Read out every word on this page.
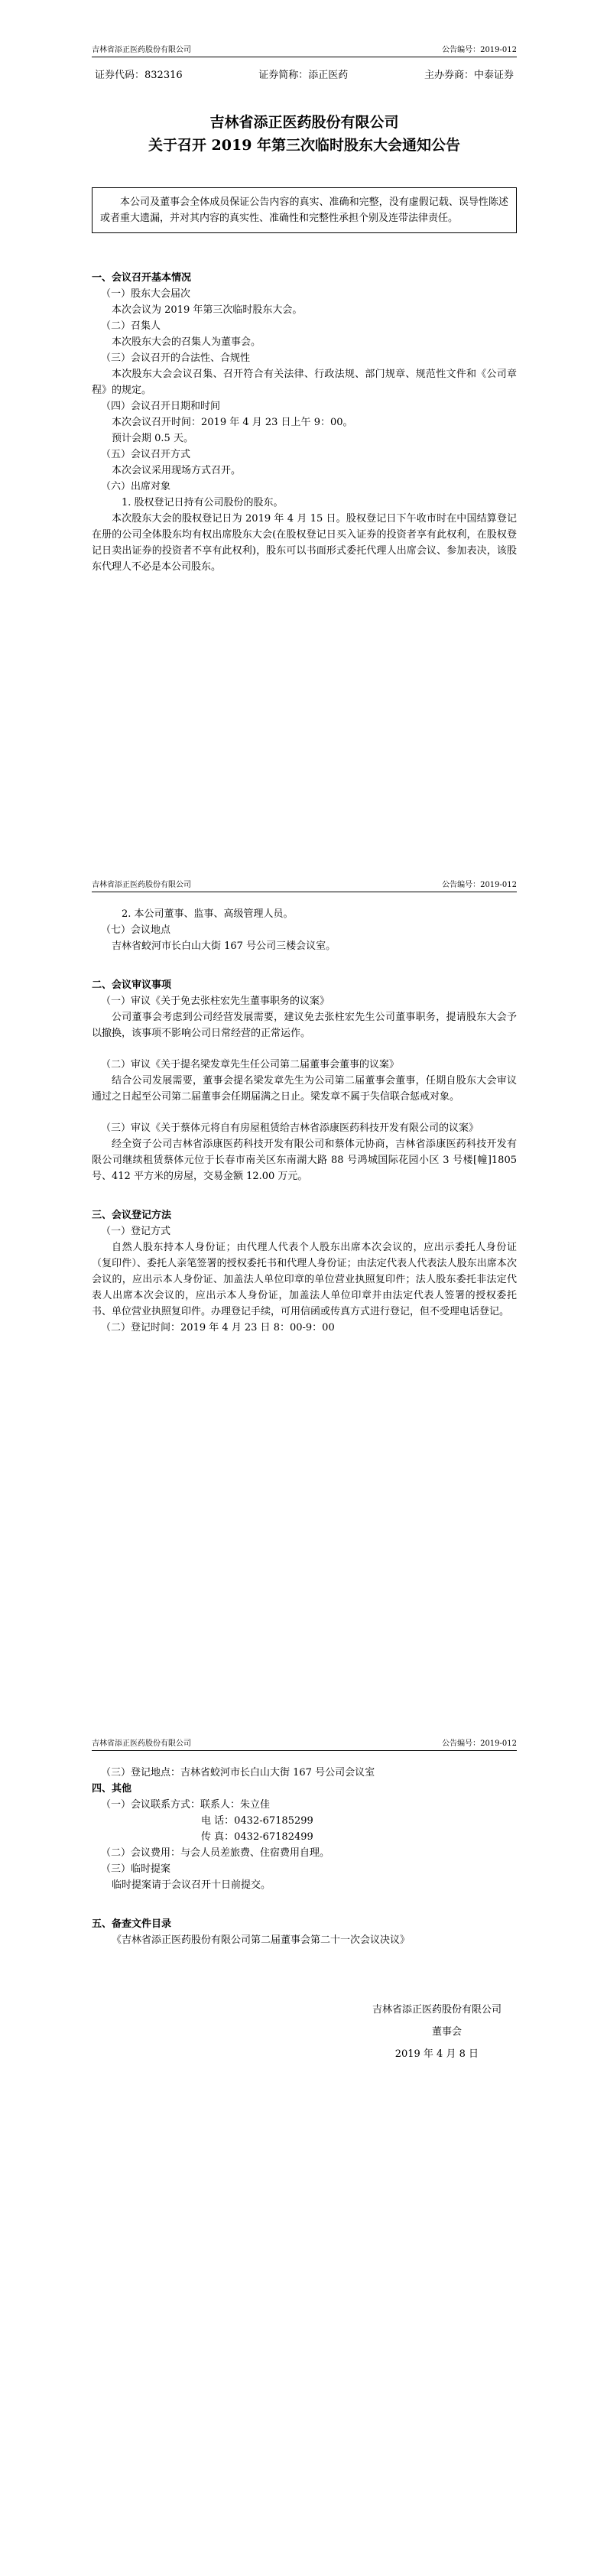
吉林省添正医药股份有限公司	公告编号：2019-012
证券代码：832316	证券简称：添正医药	主办券商：中泰证券
吉林省添正医药股份有限公司
关于召开 2019 年第三次临时股东大会通知公告
本公司及董事会全体成员保证公告内容的真实、准确和完整，没有虚假记载、误导性陈述或者重大遗漏，并对其内容的真实性、准确性和完整性承担个别及连带法律责任。
一、会议召开基本情况
（一）股东大会届次
本次会议为 2019 年第三次临时股东大会。
（二）召集人
本次股东大会的召集人为董事会。
（三）会议召开的合法性、合规性
本次股东大会会议召集、召开符合有关法律、行政法规、部门规章、规范性文件和《公司章程》的规定。
（四）会议召开日期和时间
本次会议召开时间：2019 年 4 月 23 日上午 9：00。
预计会期 0.5 天。
（五）会议召开方式
本次会议采用现场方式召开。
（六）出席对象
1. 股权登记日持有公司股份的股东。
本次股东大会的股权登记日为 2019 年 4 月 15 日。股权登记日下午收市时在中国结算登记在册的公司全体股东均有权出席股东大会(在股权登记日买入证券的投资者享有此权利，在股权登记日卖出证券的投资者不享有此权利)，股东可以书面形式委托代理人出席会议、参加表决，该股东代理人不必是本公司股东。
吉林省添正医药股份有限公司	公告编号：2019-012
2. 本公司董事、监事、高级管理人员。
（七）会议地点
吉林省蛟河市长白山大街 167 号公司三楼会议室。
二、会议审议事项
（一）审议《关于免去张柱宏先生董事职务的议案》
公司董事会考虑到公司经营发展需要，建议免去张柱宏先生公司董事职务，提请股东大会予以撤换，该事项不影响公司日常经营的正常运作。
（二）审议《关于提名梁发章先生任公司第二届董事会董事的议案》
结合公司发展需要，董事会提名梁发章先生为公司第二届董事会董事，任期自股东大会审议通过之日起至公司第二届董事会任期届满之日止。梁发章不属于失信联合惩戒对象。
（三）审议《关于蔡体元将自有房屋租赁给吉林省添康医药科技开发有限公司的议案》
经全资子公司吉林省添康医药科技开发有限公司和蔡体元协商，吉林省添康医药科技开发有限公司继续租赁蔡体元位于长春市南关区东南湖大路 88 号鸿城国际花园小区 3 号楼[幢]1805 号、412 平方米的房屋，交易金额 12.00 万元。
三、会议登记方法
（一）登记方式
自然人股东持本人身份证；由代理人代表个人股东出席本次会议的，应出示委托人身份证（复印件）、委托人亲笔签署的授权委托书和代理人身份证；由法定代表人代表法人股东出席本次会议的，应出示本人身份证、加盖法人单位印章的单位营业执照复印件；法人股东委托非法定代表人出席本次会议的，应出示本人身份证，加盖法人单位印章并由法定代表人签署的授权委托书、单位营业执照复印件。办理登记手续，可用信函或传真方式进行登记，但不受理电话登记。
（二）登记时间：2019 年 4 月 23 日 8：00-9：00
吉林省添正医药股份有限公司	公告编号：2019-012
（三）登记地点：吉林省蛟河市长白山大街 167 号公司会议室
四、其他
（一）会议联系方式：联系人：朱立佳
电 话：0432-67185299
传 真：0432-67182499
（二）会议费用：与会人员差旅费、住宿费用自理。
（三）临时提案
临时提案请于会议召开十日前提交。
五、备查文件目录
《吉林省添正医药股份有限公司第二届董事会第二十一次会议决议》
吉林省添正医药股份有限公司
董事会
2019 年 4 月 8 日
